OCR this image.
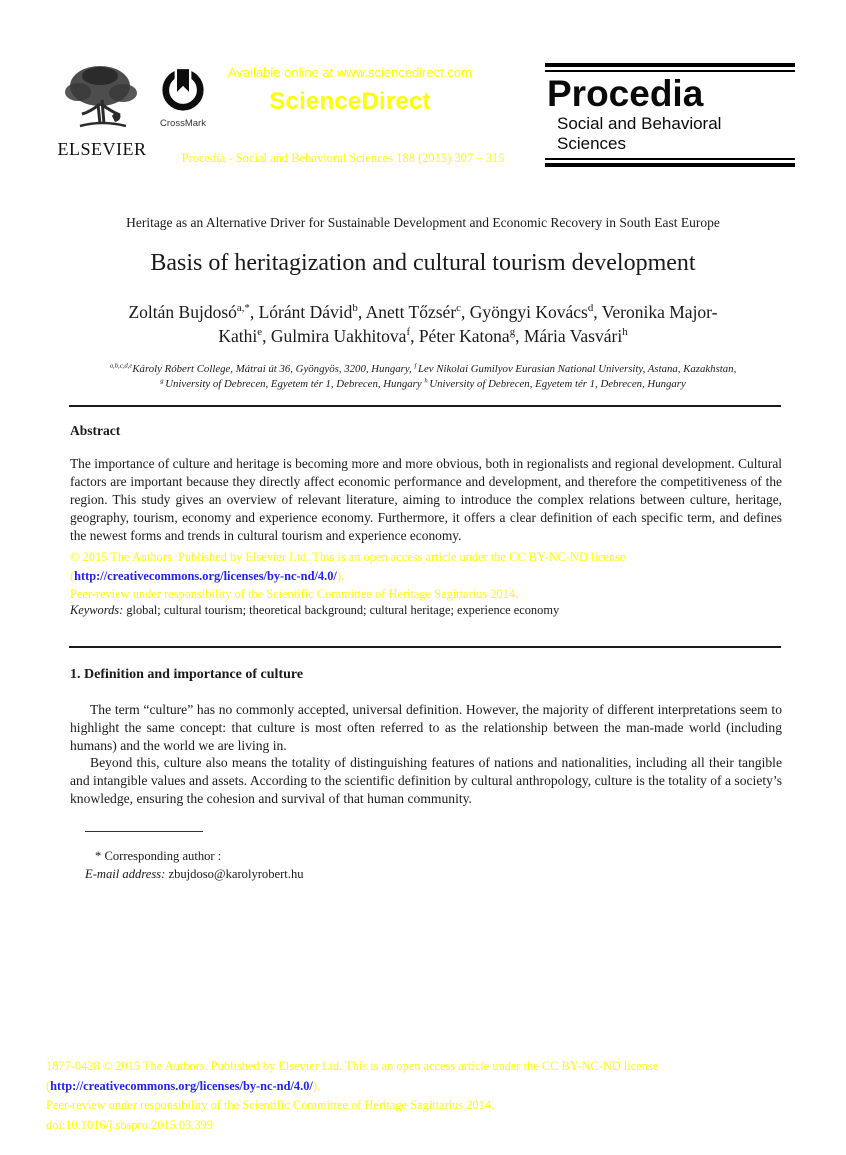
ELSEVIER
CrossMark
Available online at www.sciencedirect.com
ScienceDirect
Procedia - Social and Behavioral Sciences 188 (2015) 307 – 315
Procedia
Social and Behavioral Sciences
Heritage as an Alternative Driver for Sustainable Development and Economic Recovery in South East Europe
Basis of heritagization and cultural tourism development
Zoltán Bujdosó$^{a,*}$, Lóránt Dávid$^b$, Anett Tőzsér$^c$, Gyöngyi Kovács$^d$, Veronika Major-
Kathi$^e$, Gulmira Uakhitova$^f$, Péter Katona$^g$, Mária Vasvári$^h$
$^{a,b,c,d,e}$Károly Róbert College, Mátrai út 36, Gyöngyös, 3200, Hungary, $^f$ Lev Nikolai Gumilyov Eurasian National University, Astana, Kazakhstan,
$^g$ University of Debrecen, Egyetem tér 1, Debrecen, Hungary $^h$ University of Debrecen, Egyetem tér 1, Debrecen, Hungary
Abstract
The importance of culture and heritage is becoming more and more obvious, both in regionalists and regional development. Cultural factors are important because they directly affect economic performance and development, and therefore the competitiveness of the region. This study gives an overview of relevant literature, aiming to introduce the complex relations between culture, heritage, geography, tourism, economy and experience economy. Furthermore, it offers a clear definition of each specific term, and defines the newest forms and trends in cultural tourism and experience economy.
© 2015 The Authors. Published by Elsevier Ltd. This is an open access article under the CC BY-NC-ND license
(http://creativecommons.org/licenses/by-nc-nd/4.0/).
Peer-review under responsibility of the Scientific Committee of Heritage Sagittarius 2014.
Keywords: global; cultural tourism; theoretical background; cultural heritage; experience economy
1. Definition and importance of culture

The term “culture” has no commonly accepted, universal definition. However, the majority of different interpretations seem to highlight the same concept: that culture is most often referred to as the relationship between the man-made world (including humans) and the world we are living in.

Beyond this, culture also means the totality of distinguishing features of nations and nationalities, including all their tangible and intangible values and assets. According to the scientific definition by cultural anthropology, culture is the totality of a society’s knowledge, ensuring the cohesion and survival of that human community.

* Corresponding author :
E-mail address: zbujdoso@karolyrobert.hu
1877-0428 © 2015 The Authors. Published by Elsevier Ltd. This is an open access article under the CC BY-NC-ND license
(http://creativecommons.org/licenses/by-nc-nd/4.0/).
Peer-review under responsibility of the Scientific Committee of Heritage Sagittarius 2014.
doi:10.1016/j.sbspro.2015.03.399
